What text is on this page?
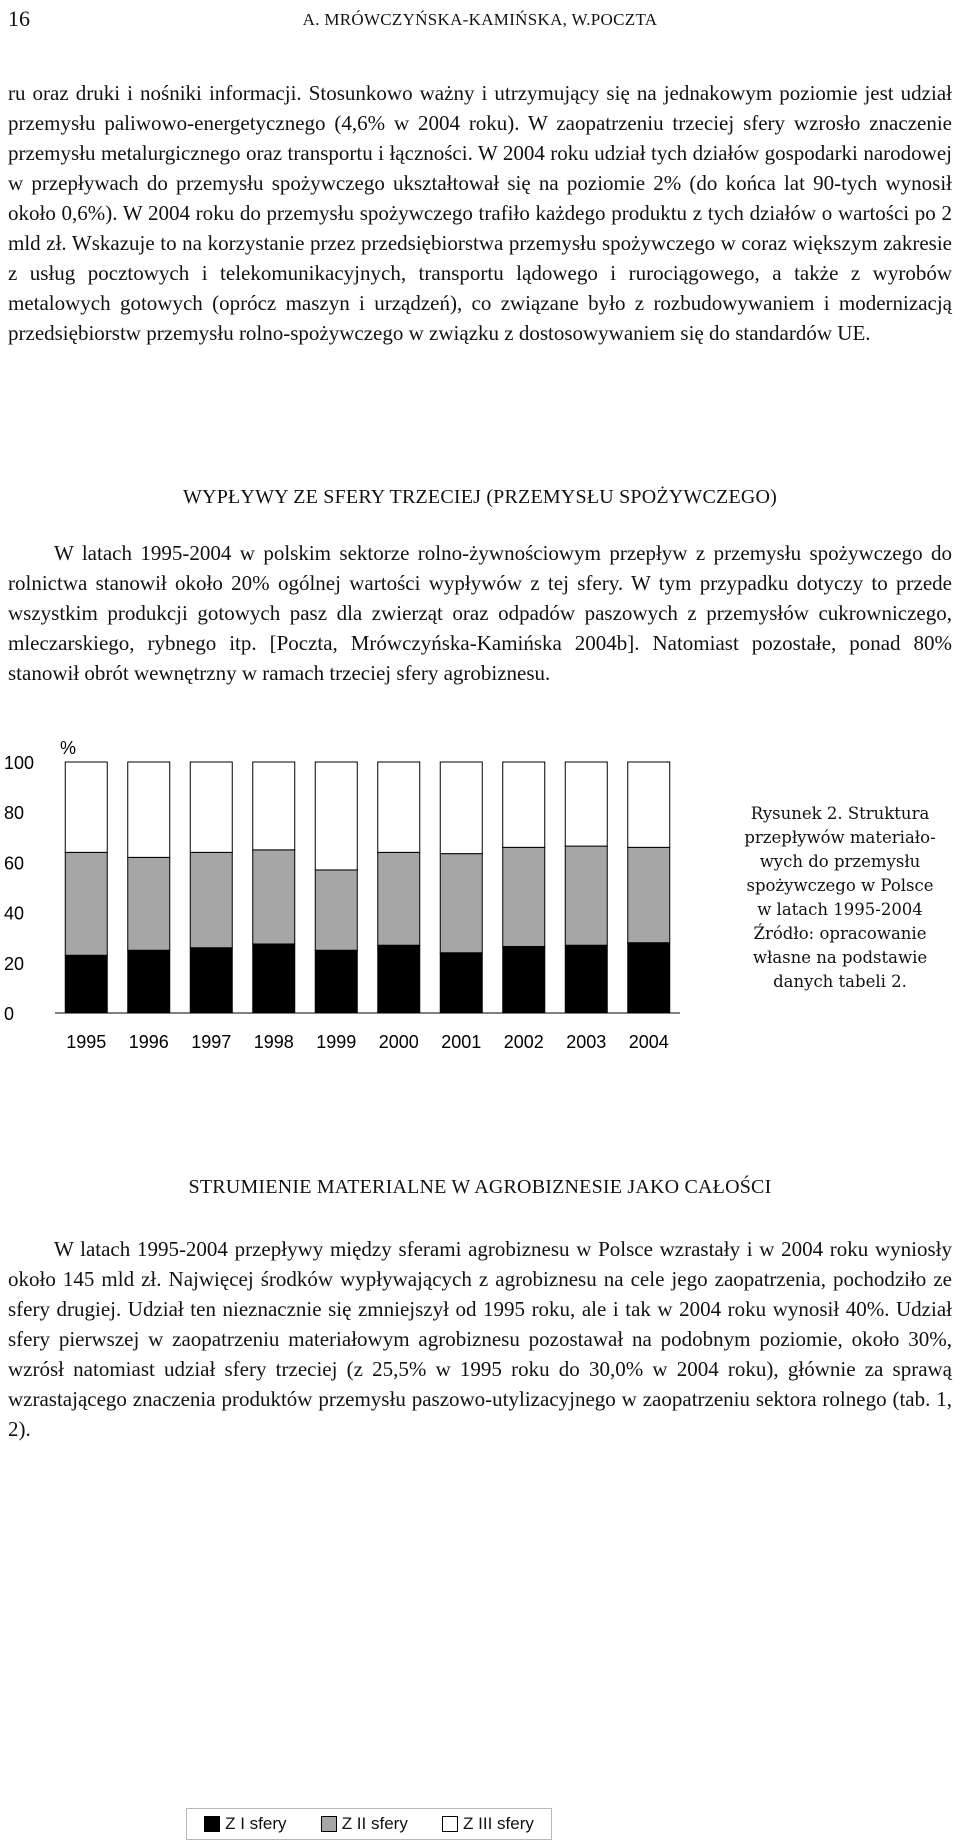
16	A. MRÓWCZYŃSKA-KAMIŃSKA, W.POCZTA

ru oraz druki i nośniki informacji. Stosunkowo ważny i utrzymujący się na jednakowym poziomie jest udział przemysłu paliwowo-energetycznego (4,6% w 2004 roku). W zaopatrzeniu trzeciej sfery wzrosło znaczenie przemysłu metalurgicznego oraz transportu i łączności. W 2004 roku udział tych działów gospodarki narodowej w przepływach do przemysłu spożywczego ukształtował się na poziomie 2% (do końca lat 90-tych wynosił około 0,6%). W 2004 roku do przemysłu spożywczego trafiło każdego produktu z tych działów o wartości po 2 mld zł. Wskazuje to na korzystanie przez przedsiębiorstwa przemysłu spożywczego w coraz większym zakresie z usług pocztowych i telekomunikacyjnych, transportu lądowego i rurociągowego, a także z wyrobów metalowych gotowych (oprócz maszyn i urządzeń), co związane było z rozbudowywaniem i modernizacją przedsiębiorstw przemysłu rolno-spożywczego w związku z dostosowywaniem się do standardów UE.

WYPŁYWY ZE SFERY TRZECIEJ (PRZEMYSŁU SPOŻYWCZEGO)

W latach 1995-2004 w polskim sektorze rolno-żywnościowym przepływ z przemysłu spożywczego do rolnictwa stanowił około 20% ogólnej wartości wypływów z tej sfery. W tym przypadku dotyczy to przede wszystkim produkcji gotowych pasz dla zwierząt oraz odpadów paszowych z przemysłów cukrowniczego, mleczarskiego, rybnego itp. [Poczta, Mrówczyńska-Kamińska 2004b]. Natomiast pozostałe, ponad 80% stanowił obrót wewnętrzny w ramach trzeciej sfery agrobiznesu.

%
0
20
40
60
80
100
1995 1996 1997 1998 1999 2000 2001 2002 2003 2004
Z I sfery	Z II sfery	Z III sfery
Rysunek 2. Struktura
przepływów materiało-
wych do przemysłu
spożywczego w Polsce
w latach 1995-2004
Źródło: opracowanie
własne na podstawie
danych tabeli 2.
STRUMIENIE MATERIALNE W AGROBIZNESIE JAKO CAŁOŚCI

W latach 1995-2004 przepływy między sferami agrobiznesu w Polsce wzrastały i w 2004 roku wyniosły około 145 mld zł. Najwięcej środków wypływających z agrobiznesu na cele jego zaopatrzenia, pochodziło ze sfery drugiej. Udział ten nieznacznie się zmniejszył od 1995 roku, ale i tak w 2004 roku wynosił 40%. Udział sfery pierwszej w zaopatrzeniu materiałowym agrobiznesu pozostawał na podobnym poziomie, około 30%, wzrósł natomiast udział sfery trzeciej (z 25,5% w 1995 roku do 30,0% w 2004 roku), głównie za sprawą wzrastającego znaczenia produktów przemysłu paszowo-utylizacyjnego w zaopatrzeniu sektora rolnego (tab. 1, 2).
